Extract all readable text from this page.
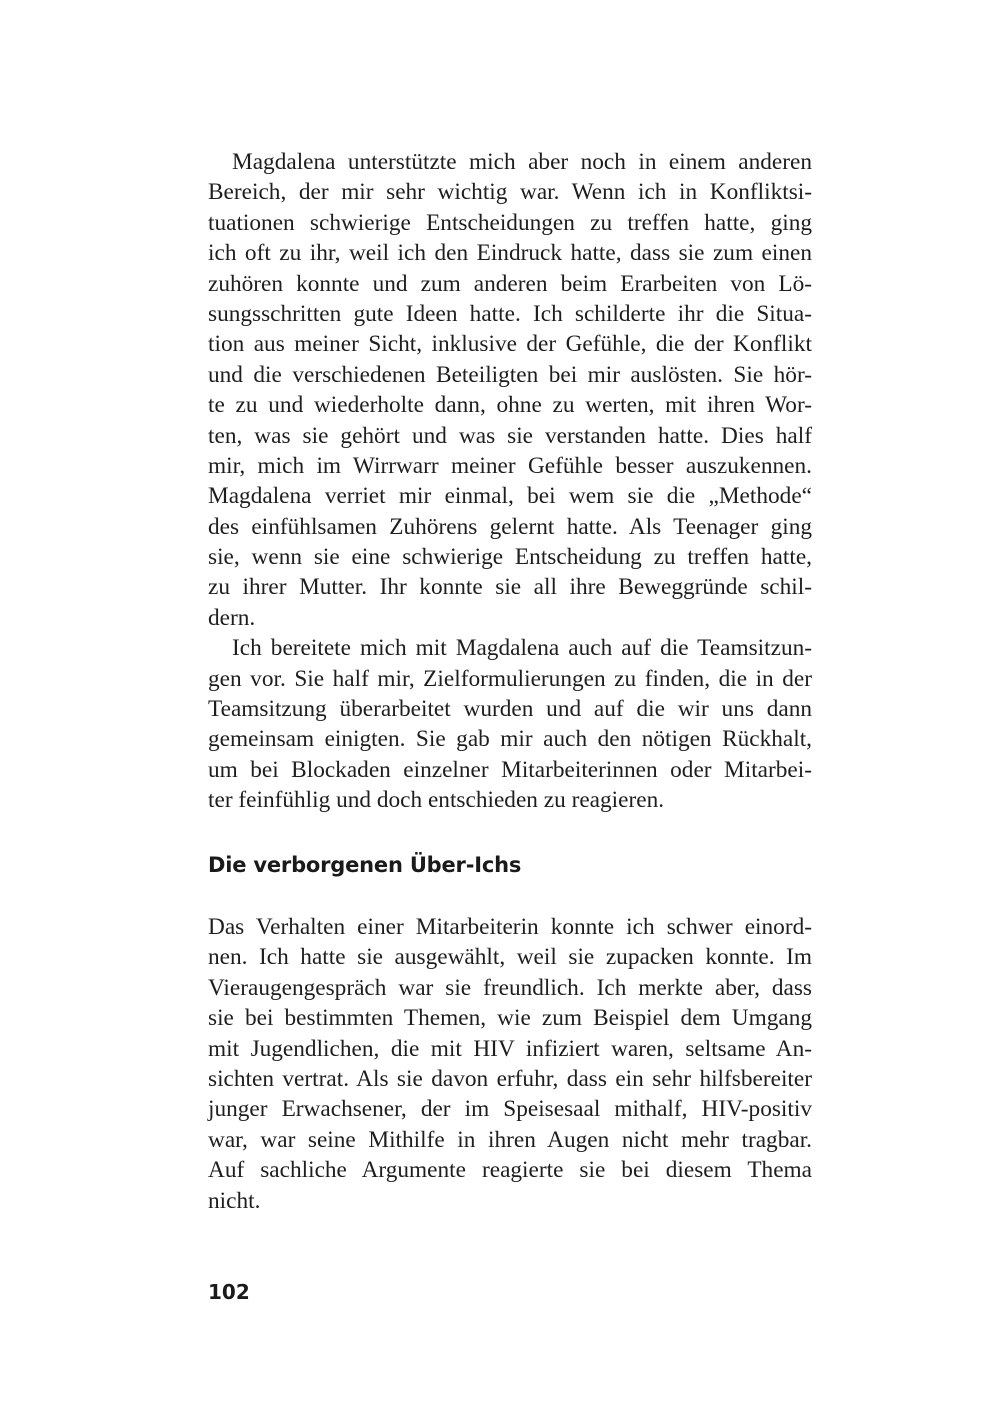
Magdalena unterstützte mich aber noch in einem anderen
Bereich, der mir sehr wichtig war. Wenn ich in Konfliktsi-
tuationen schwierige Entscheidungen zu treffen hatte, ging
ich oft zu ihr, weil ich den Eindruck hatte, dass sie zum einen
zuhören konnte und zum anderen beim Erarbeiten von Lö-
sungsschritten gute Ideen hatte. Ich schilderte ihr die Situa-
tion aus meiner Sicht, inklusive der Gefühle, die der Konflikt
und die verschiedenen Beteiligten bei mir auslösten. Sie hör-
te zu und wiederholte dann, ohne zu werten, mit ihren Wor-
ten, was sie gehört und was sie verstanden hatte. Dies half
mir, mich im Wirrwarr meiner Gefühle besser auszukennen.
Magdalena verriet mir einmal, bei wem sie die „Methode“
des einfühlsamen Zuhörens gelernt hatte. Als Teenager ging
sie, wenn sie eine schwierige Entscheidung zu treffen hatte,
zu ihrer Mutter. Ihr konnte sie all ihre Beweggründe schil-
dern.
Ich bereitete mich mit Magdalena auch auf die Teamsitzun-
gen vor. Sie half mir, Zielformulierungen zu finden, die in der
Teamsitzung überarbeitet wurden und auf die wir uns dann
gemeinsam einigten. Sie gab mir auch den nötigen Rückhalt,
um bei Blockaden einzelner Mitarbeiterinnen oder Mitarbei-
ter feinfühlig und doch entschieden zu reagieren.
Die verborgenen Über-Ichs
Das Verhalten einer Mitarbeiterin konnte ich schwer einord-
nen. Ich hatte sie ausgewählt, weil sie zupacken konnte. Im
Vieraugengespräch war sie freundlich. Ich merkte aber, dass
sie bei bestimmten Themen, wie zum Beispiel dem Umgang
mit Jugendlichen, die mit HIV infiziert waren, seltsame An-
sichten vertrat. Als sie davon erfuhr, dass ein sehr hilfsbereiter
junger Erwachsener, der im Speisesaal mithalf, HIV-positiv
war, war seine Mithilfe in ihren Augen nicht mehr tragbar.
Auf sachliche Argumente reagierte sie bei diesem Thema
nicht.
102
